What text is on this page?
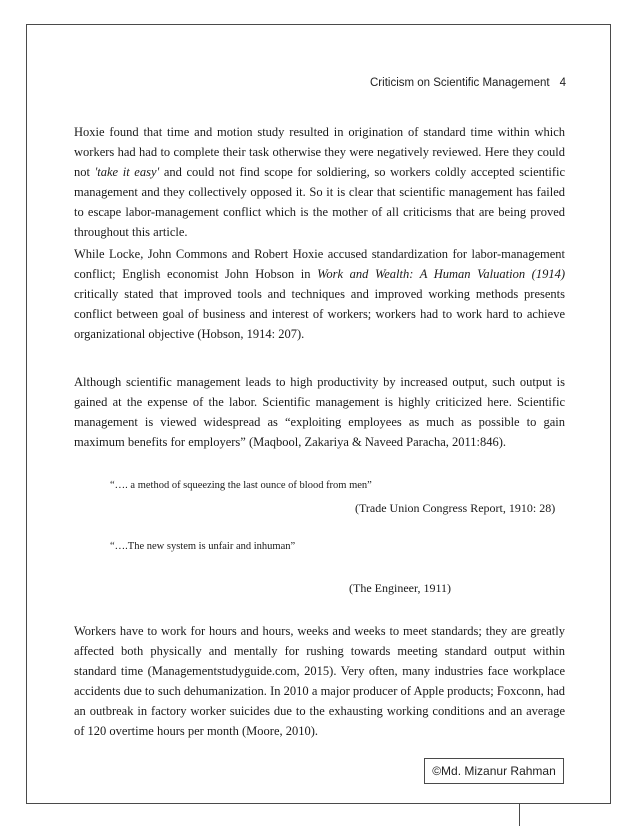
Criticism on Scientific Management 4

Hoxie found that time and motion study resulted in origination of standard time within which workers had had to complete their task otherwise they were negatively reviewed. Here they could not 'take it easy' and could not find scope for soldiering, so workers coldly accepted scientific management and they collectively opposed it. So it is clear that scientific management has failed to escape labor-management conflict which is the mother of all criticisms that are being proved throughout this article.

While Locke, John Commons and Robert Hoxie accused standardization for labor-management conflict; English economist John Hobson in Work and Wealth: A Human Valuation (1914) critically stated that improved tools and techniques and improved working methods presents conflict between goal of business and interest of workers; workers had to work hard to achieve organizational objective (Hobson, 1914: 207).

Although scientific management leads to high productivity by increased output, such output is gained at the expense of the labor. Scientific management is highly criticized here. Scientific management is viewed widespread as “exploiting employees as much as possible to gain maximum benefits for employers” (Maqbool, Zakariya & Naveed Paracha, 2011:846).

“…. a method of squeezing the last ounce of blood from men”

(Trade Union Congress Report, 1910: 28)

“….The new system is unfair and inhuman”

(The Engineer, 1911)

Workers have to work for hours and hours, weeks and weeks to meet standards; they are greatly affected both physically and mentally for rushing towards meeting standard output within standard time (Managementstudyguide.com, 2015). Very often, many industries face workplace accidents due to such dehumanization. In 2010 a major producer of Apple products; Foxconn, had an outbreak in factory worker suicides due to the exhausting working conditions and an average of 120 overtime hours per month (Moore, 2010).

©Md. Mizanur Rahman
